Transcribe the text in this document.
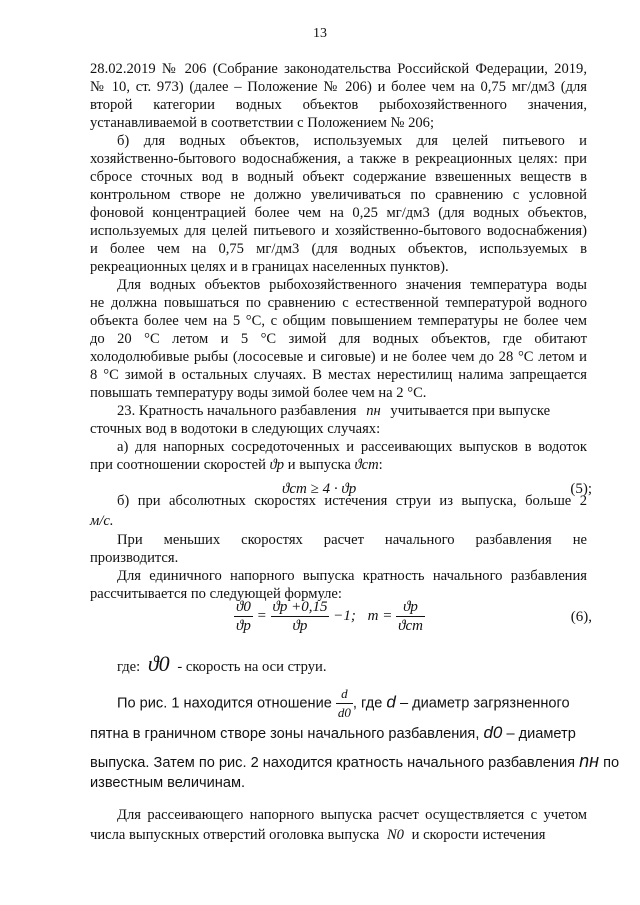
13
28.02.2019 № 206 (Собрание законодательства Российской Федерации, 2019,
№ 10, ст. 973) (далее – Положение № 206) и более чем на 0,75 мг/дм3 (для
второй категории водных объектов рыбохозяйственного значения,
устанавливаемой в соответствии с Положением № 206;
б) для водных объектов, используемых для целей питьевого и
хозяйственно-бытового водоснабжения, а также в рекреационных целях: при
сбросе сточных вод в водный объект содержание взвешенных веществ в
контрольном створе не должно увеличиваться по сравнению с условной
фоновой концентрацией более чем на 0,25 мг/дм3 (для водных объектов,
используемых для целей питьевого и хозяйственно-бытового водоснабжения)
и более чем на 0,75 мг/дм3 (для водных объектов, используемых в
рекреационных целях и в границах населенных пунктов).
Для водных объектов рыбохозяйственного значения температура воды
не должна повышаться по сравнению с естественной температурой водного
объекта более чем на 5 °С, с общим повышением температуры не более чем
до 20 °С летом и 5 °С зимой для водных объектов, где обитают
холодолюбивые рыбы (лососевые и сиговые) и не более чем до 28 °С летом и
8 °С зимой в остальных случаях. В местах нерестилищ налима запрещается
повышать температуру воды зимой более чем на 2 °С.
23. Кратность начального разбавления nн учитывается при выпуске
сточных вод в водотоки в следующих случаях:
а) для напорных сосредоточенных и рассеивающих выпусков в водоток
при соотношении скоростей ϑр и выпуска ϑст:
ϑст ≥ 4 · ϑр	(5);
б) при абсолютных скоростях истечения струи из выпуска, больше 2
м/с.
При меньших скоростях расчет начального разбавления не
производится.
Для единичного напорного выпуска кратность начального разбавления
рассчитывается по следующей формуле:
$\frac{ϑ0}{ϑр} = \frac{ϑр +0,15}{ϑр} -1$; $m = \frac{ϑр}{\text{ϑст}}$	(6),
где: ϑ0 - скорость на оси струи.
По рис. 1 находится отношение $\frac{d}{d0}$ , где d – диаметр загрязненного
пятна в граничном створе зоны начального разбавления, d0 – диаметр
выпуска. Затем по рис. 2 находится кратность начального разбавления nн по
известным величинам.
Для рассеивающего напорного выпуска расчет осуществляется с учетом
числа выпускных отверстий оголовка выпуска N0 и скорости истечения
